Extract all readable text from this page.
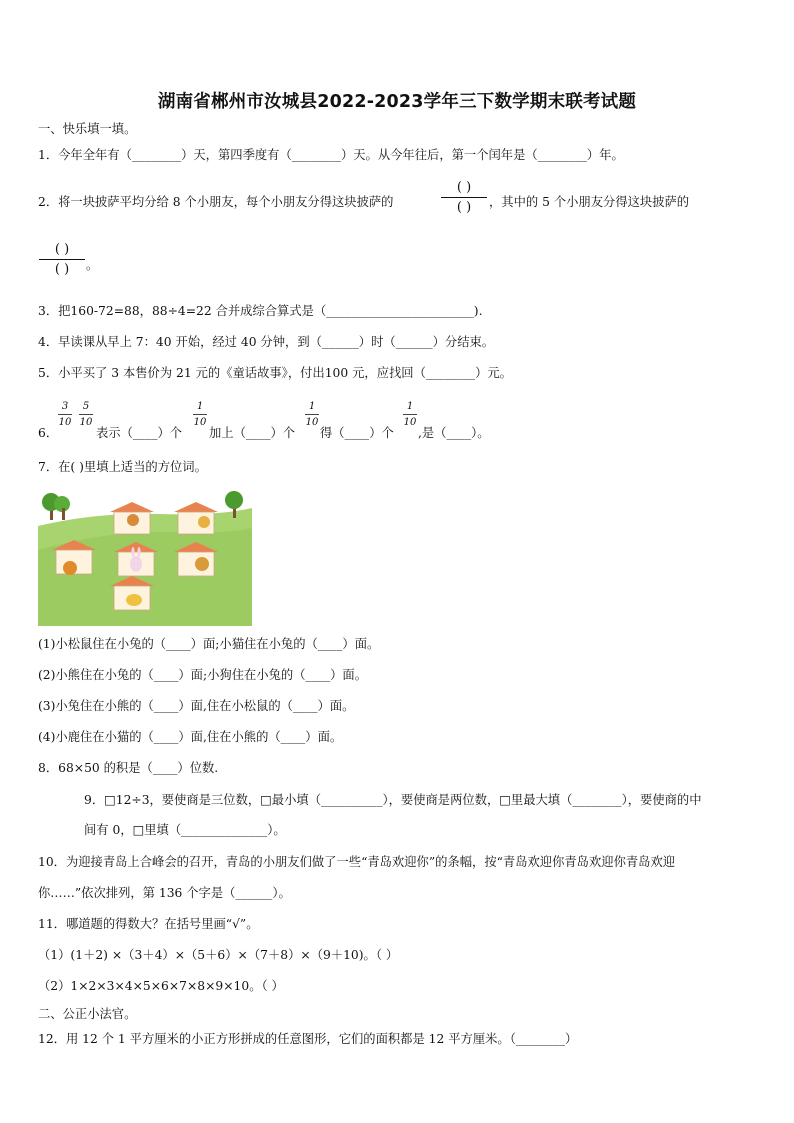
湖南省郴州市汝城县2022-2023学年三下数学期末联考试题
一、快乐填一填。
1．今年全年有（________）天，第四季度有（________）天。从今年往后，第一个闰年是（________）年。
2．将一块披萨平均分给 8 个小朋友，每个小朋友分得这块披萨的
( )
( )	，其中的 5 个小朋友分得这块披萨的
( )
( )	。
3．把160-72=88，88÷4=22 合并成综合算式是（________________________).
4．早读课从早上 7：40 开始，经过 40 分钟，到（______）时（______）分结束。
5．小平买了 3 本售价为 21 元的《童话故事》，付出100 元，应找回（________）元。
6．
3
10
5
10
表示（____）个
1
10
加上（____）个
1
10
得（____）个
1
10
,是（____）。
7．在( )里填上适当的方位词。
(1)小松鼠住在小兔的（____）面;小猫住在小兔的（____）面。
(2)小熊住在小兔的（____）面;小狗住在小兔的（____）面。
(3)小兔住在小熊的（____）面,住在小松鼠的（____）面。
(4)小鹿住在小猫的（____）面,住在小熊的（____）面。
8．68×50 的积是（____）位数.
9．□12÷3，要使商是三位数，□最小填（__________），要使商是两位数，□里最大填（________），要使商的中
间有 0，□里填（______________）。
10．为迎接青岛上合峰会的召开，青岛的小朋友们做了一些“青岛欢迎你”的条幅，按“青岛欢迎你青岛欢迎你青岛欢迎
你……”依次排列，第 136 个字是（______）。
11．哪道题的得数大？在括号里画“√”。
（1）(1＋2) ×（3＋4）×（5＋6）×（7＋8）×（9＋10)。（ ）
（2）1×2×3×4×5×6×7×8×9×10。（ ）
二、公正小法官。
12．用 12 个 1 平方厘米的小正方形拼成的任意图形，它们的面积都是 12 平方厘米。（________）
